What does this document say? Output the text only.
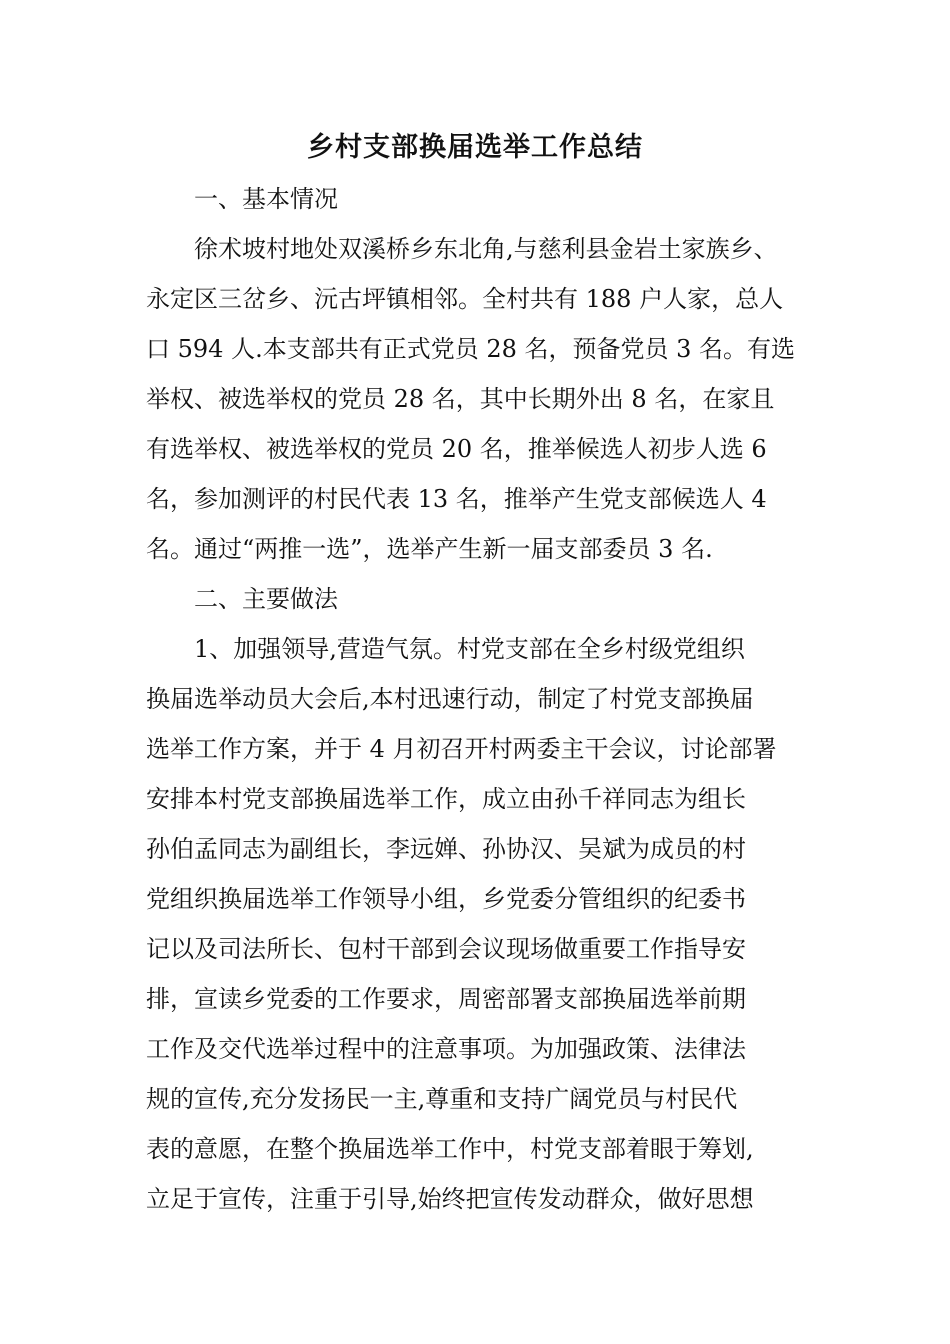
乡村支部换届选举工作总结

一、基本情况

徐术坡村地处双溪桥乡东北角,与慈利县金岩土家族乡、

永定区三岔乡、沅古坪镇相邻。全村共有 188 户人家，总人

口 594 人.本支部共有正式党员 28 名，预备党员 3 名。有选

举权、被选举权的党员 28 名，其中长期外出 8 名，在家且

有选举权、被选举权的党员 20 名，推举候选人初步人选 6

名，参加测评的村民代表 13 名，推举产生党支部候选人 4

名。通过“两推一选”，选举产生新一届支部委员 3 名.

二、主要做法

1、加强领导,营造气氛。村党支部在全乡村级党组织

换届选举动员大会后,本村迅速行动，制定了村党支部换届

选举工作方案，并于 4 月初召开村两委主干会议，讨论部署

安排本村党支部换届选举工作，成立由孙千祥同志为组长

孙伯孟同志为副组长，李远婵、孙协汉、吴斌为成员的村

党组织换届选举工作领导小组，乡党委分管组织的纪委书

记以及司法所长、包村干部到会议现场做重要工作指导安

排，宣读乡党委的工作要求，周密部署支部换届选举前期

工作及交代选举过程中的注意事项。为加强政策、法律法

规的宣传,充分发扬民一主,尊重和支持广阔党员与村民代

表的意愿，在整个换届选举工作中，村党支部着眼于筹划,

立足于宣传，注重于引导,始终把宣传发动群众，做好思想
